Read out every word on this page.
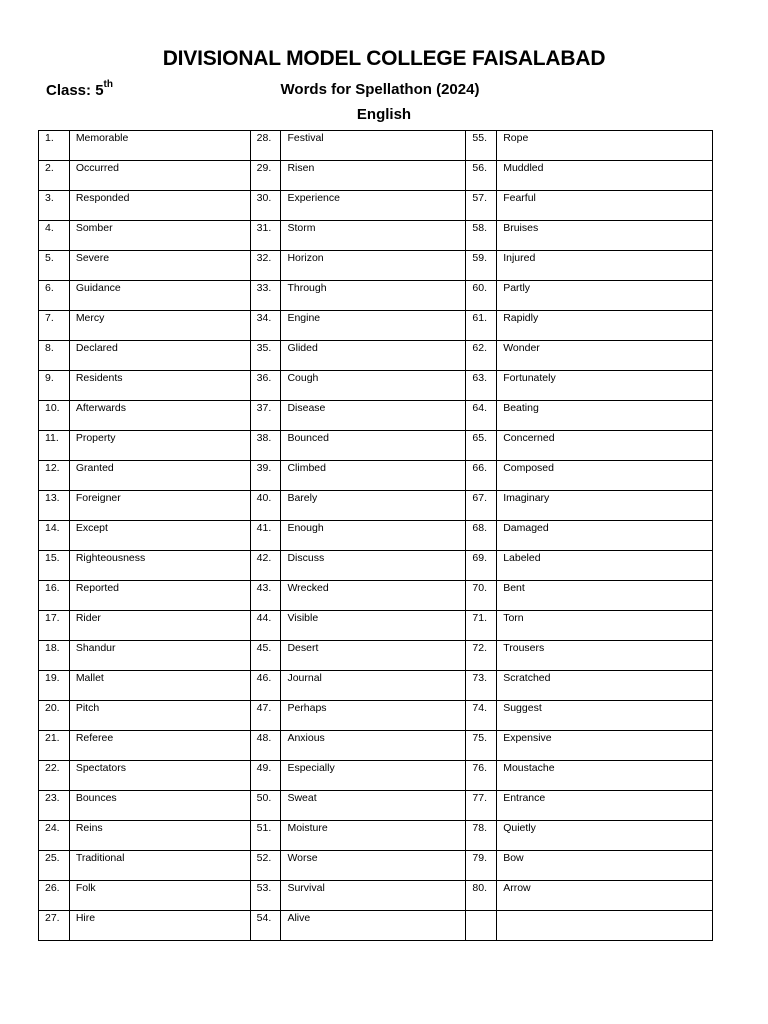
DIVISIONAL MODEL COLLEGE FAISALABAD
Class: 5th	Words for Spellathon (2024)
English
1.	Memorable	28.	Festival	55.	Rope

2.	Occurred	29.	Risen	56.	Muddled

3.	Responded	30.	Experience	57.	Fearful

4.	Somber	31.	Storm	58.	Bruises

5.	Severe	32.	Horizon	59.	Injured

6.	Guidance	33.	Through	60.	Partly

7.	Mercy	34.	Engine	61.	Rapidly

8.	Declared	35.	Glided	62.	Wonder

9.	Residents	36.	Cough	63.	Fortunately

10.	Afterwards	37.	Disease	64.	Beating

11.	Property	38.	Bounced	65.	Concerned

12.	Granted	39.	Climbed	66.	Composed

13.	Foreigner	40.	Barely	67.	Imaginary

14.	Except	41.	Enough	68.	Damaged

15.	Righteousness	42.	Discuss	69.	Labeled

16.	Reported	43.	Wrecked	70.	Bent

17.	Rider	44.	Visible	71.	Torn

18.	Shandur	45.	Desert	72.	Trousers

19.	Mallet	46.	Journal	73.	Scratched

20.	Pitch	47.	Perhaps	74.	Suggest

21.	Referee	48.	Anxious	75.	Expensive

22.	Spectators	49.	Especially	76.	Moustache

23.	Bounces	50.	Sweat	77.	Entrance

24.	Reins	51.	Moisture	78.	Quietly

25.	Traditional	52.	Worse	79.	Bow

26.	Folk	53.	Survival	80.	Arrow

27.	Hire	54.	Alive		
